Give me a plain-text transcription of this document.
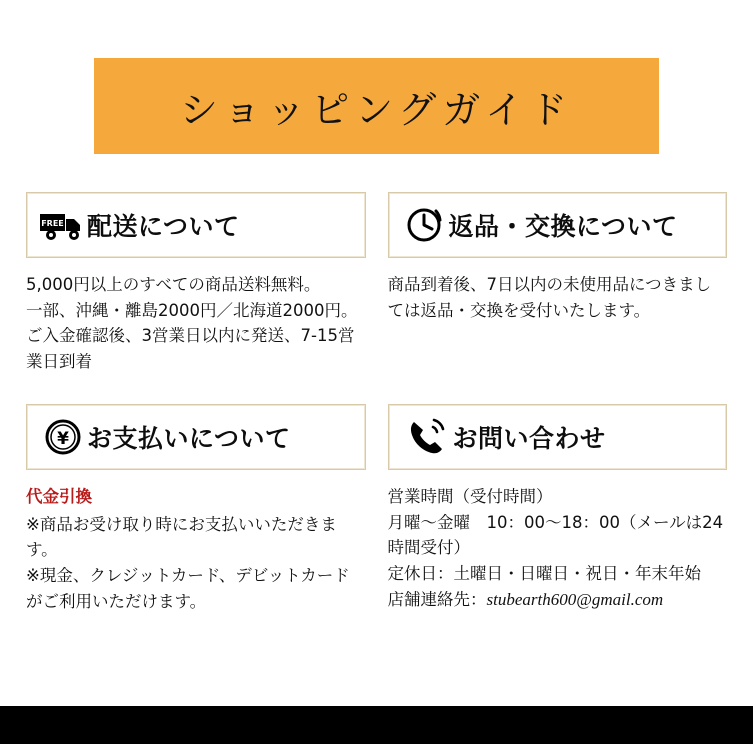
ショッピングガイド
FREE 配送について

5,000円以上のすべての商品送料無料。

一部、沖縄・離島2000円／北海道2000円。

ご入金確認後、3営業日以内に発送、7-15営業日到着

返品・交換について

商品到着後、7日以内の未使用品につきましては返品・交換を受付いたします。

¥ お支払いについて
代金引換

※商品お受け取り時にお支払いいただきます。

※現金、クレジットカード、デビットカードがご利用いただけます。

お問い合わせ

営業時間（受付時間）

月曜〜金曜　10：00〜18：00（メールは24時間受付）

定休日：土曜日・日曜日・祝日・年末年始

店舗連絡先：stubearth600@gmail.com
